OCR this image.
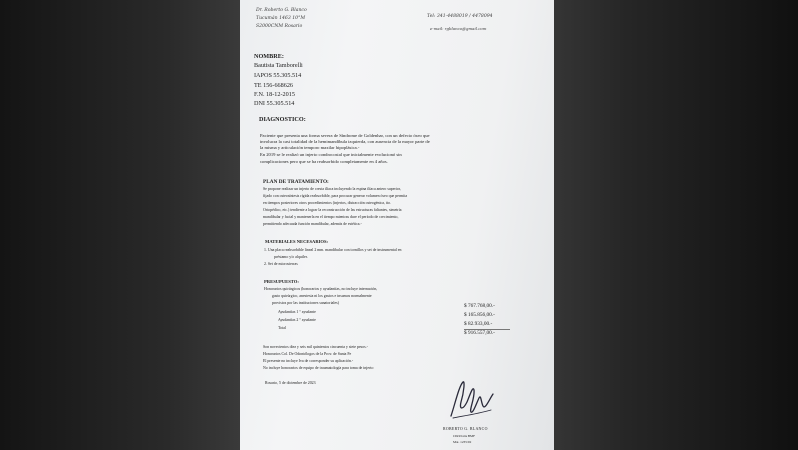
Dr. Roberto G. Blanco
Tucumán 1463 10°M
S2000CNM Rosario
Tel: 341-4488019 / 4478094
e-mail: rgblanco@gmail.com
NOMBRE:
Bautista Tamborelli
IAPOS 55.305.514
TE 156-668626
F.N. 18-12-2015
DNI 55.305.514
DIAGNOSTICO:
Paciente que presenta una forma severa de Síndrome de Goldenhar, con un defecto óseo que
involucra la casi totalidad de la hemimandíbula izquierda, con ausencia de la mayor parte de
la misma y articulación temporo maxilar hipoplásica.-
En 2019 se le realizó un injerto condrocostal que inicialmente evolucionó sin
complicaciones pero que se ha reabsorbido completamente en 4 años.
PLAN DE TRATAMIENTO:
Se propone realizar un injerto de cresta ilíaca incluyendo la espina ilíaca antero superior,
fijado con osteosíntesis rígida reabsorbible, para procurar generar volumen óseo que permita
en tiempos posteriores otros procedimientos (injertos, distracción osteogénica, tto.
Ortopédico, etc.) tendiente a lograr la reconstrucción de las estructuras faltantes, simetría
mandibular y facial y mantenerla en el tiempo mientras dure el período de crecimiento,
permitiendo adecuada función mandibular, además de estética.-
MATERIALES NECESARIOS:
1. Una placa reabsorbible lineal 2 mm. mandibular con tornillos y set de instrumental en
préstamo y/o alquiler.
2. Set de microsierras
PRESUPUESTO:
Honorarios quirúrgicos (honorarios y ayudantías, no incluye internación,
gasto quirúrgico, anestesia ni los gastos e insumos normalmente
provistos por las instituciones sanatoriales)	$ 767.768,00.-
Ayudantías 1 ° ayudante	$ 165.856,00.-
Ayudantías 2 ° ayudante
$ 82.933,00.-
Total
$ 916.557,00.-
Son novecientos diez y seis mil quinientos cincuenta y siete pesos.-
Honorarios Col. De Odontólogos de la Prov. de Santa Fe
El presente no incluye Iva de corresponder su aplicación.-
No incluye honorarios de equipo de traumatología para toma de injerto
Rosario, 5 de diciembre de 2023
ROBERTO G. BLANCO
CIRUGIA BMF
Mat. 1235/02
